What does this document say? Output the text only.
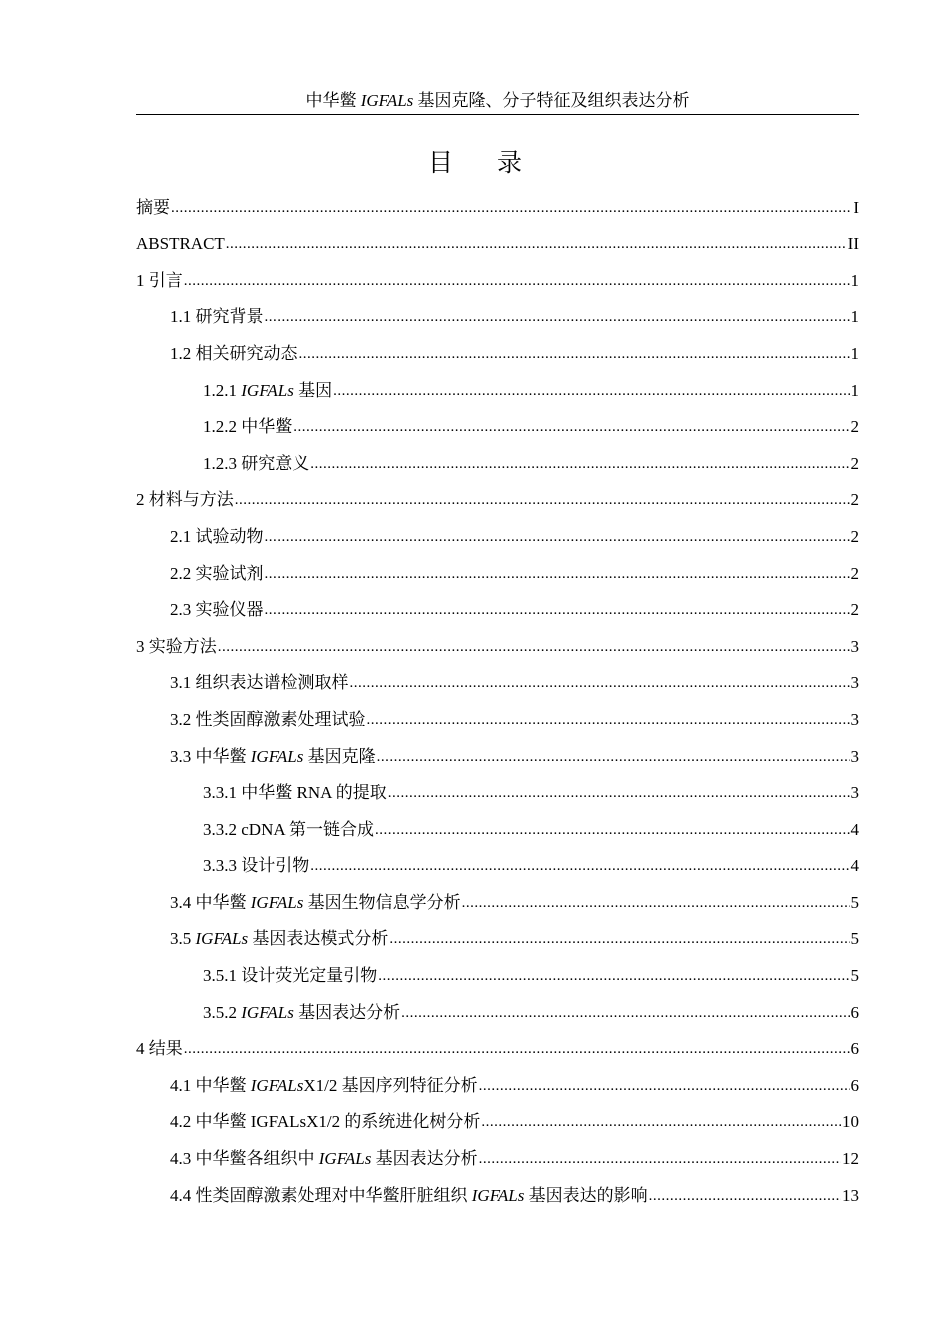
中华鳖 IGFALs 基因克隆、分子特征及组织表达分析
目录
摘要 .....	I
ABSTRACT .....	II
1 引言 .....	1
1.1 研究背景 .....	1
1.2 相关研究动态 .....	1
1.2.1 IGFALs 基因 .....	1
1.2.2 中华鳖 .....	2
1.2.3 研究意义 .....	2
2 材料与方法 .....	2
2.1 试验动物 .....	2
2.2 实验试剂 .....	2
2.3 实验仪器 .....	2
3 实验方法 .....	3
3.1 组织表达谱检测取样 .....	3
3.2 性类固醇激素处理试验 .....	3
3.3 中华鳖 IGFALs 基因克隆 .....	3
3.3.1 中华鳖 RNA 的提取 .....	3
3.3.2 cDNA 第一链合成 .....	4
3.3.3 设计引物 .....	4
3.4 中华鳖 IGFALs 基因生物信息学分析 .....	5
3.5 IGFALs 基因表达模式分析 .....	5
3.5.1 设计荧光定量引物 .....	5
3.5.2 IGFALs 基因表达分析 .....	6
4 结果 .....	6
4.1 中华鳖 IGFALsX1/2 基因序列特征分析 .....	6
4.2 中华鳖 IGFALsX1/2 的系统进化树分析 .....	10
4.3 中华鳖各组织中 IGFALs 基因表达分析 .....	12
4.4 性类固醇激素处理对中华鳖肝脏组织 IGFALs 基因表达的影响 .....	13
